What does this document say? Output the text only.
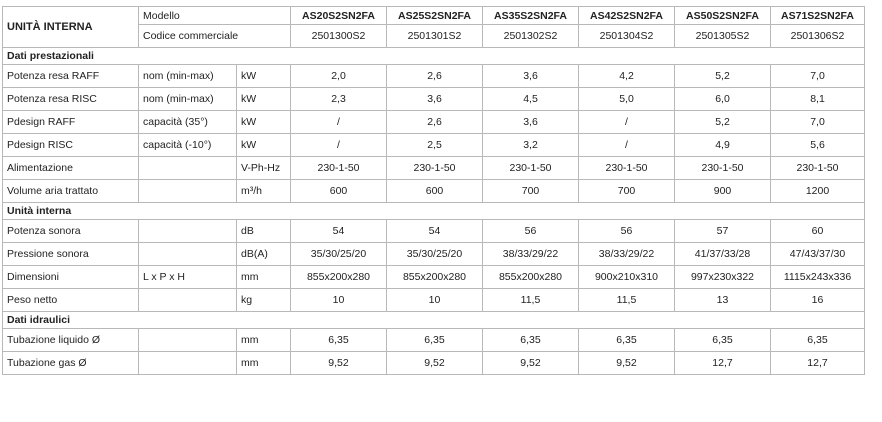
UNITÀ INTERNA	Modello		AS20S2SN2FA	AS25S2SN2FA	AS35S2SN2FA	AS42S2SN2FA	AS50S2SN2FA	AS71S2SN2FA
	Codice commerciale		2501300S2	2501301S2	2501302S2	2501304S2	2501305S2	2501306S2
Dati prestazionali								
Potenza resa RAFF	nom (min-max)	kW	2,0	2,6	3,6	4,2	5,2	7,0
Potenza resa RISC	nom (min-max)	kW	2,3	3,6	4,5	5,0	6,0	8,1
Pdesign RAFF	capacità (35°)	kW	/	2,6	3,6	/	5,2	7,0
Pdesign RISC	capacità (-10°)	kW	/	2,5	3,2	/	4,9	5,6
Alimentazione		V-Ph-Hz	230-1-50	230-1-50	230-1-50	230-1-50	230-1-50	230-1-50
Volume aria trattato		m³/h	600	600	700	700	900	1200
Unità interna								
Potenza sonora		dB	54	54	56	56	57	60
Pressione sonora		dB(A)	35/30/25/20	35/30/25/20	38/33/29/22	38/33/29/22	41/37/33/28	47/43/37/30
Dimensioni	L x P x H	mm	855x200x280	855x200x280	855x200x280	900x210x310	997x230x322	1115x243x336
Peso netto		kg	10	10	11,5	11,5	13	16
Dati idraulici								
Tubazione liquido Ø		mm	6,35	6,35	6,35	6,35	6,35	6,35
Tubazione gas Ø		mm	9,52	9,52	9,52	9,52	12,7	12,7
